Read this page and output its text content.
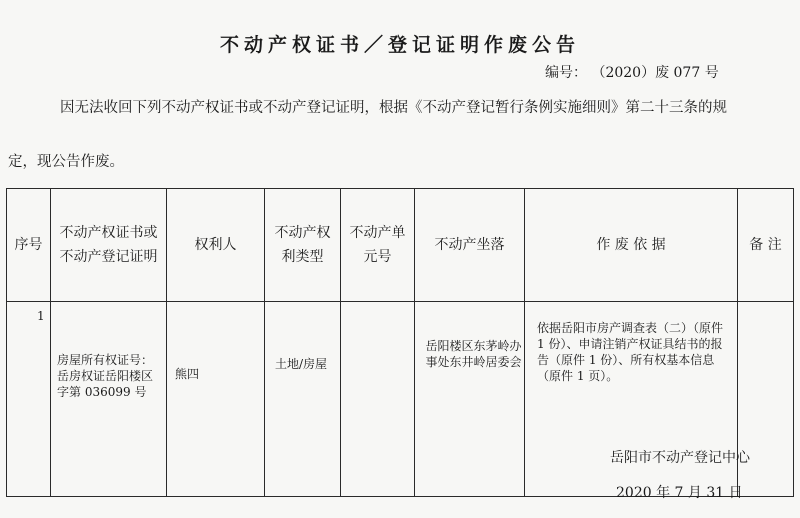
不动产权证书／登记证明作废公告
编号： （2020）废 077 号
因无法收回下列不动产权证书或不动产登记证明，根据《不动产登记暂行条例实施细则》第二十三条的规
定，现公告作废。
序号	不动产权证书或不动产登记证明	权利人	不动产权利类型	不动产单元号	不动产坐落	作 废 依 据	备 注
1	房屋所有权证号：岳房权证岳阳楼区字第 036099 号	熊四	土地/房屋		岳阳楼区东茅岭办事处东井岭居委会	依据岳阳市房产调查表（二）（原件 1 份）、申请注销产权证具结书的报告（原件 1 份）、所有权基本信息（原件 1 页）。	
岳阳市不动产登记中心
2020 年 7 月 31 日
